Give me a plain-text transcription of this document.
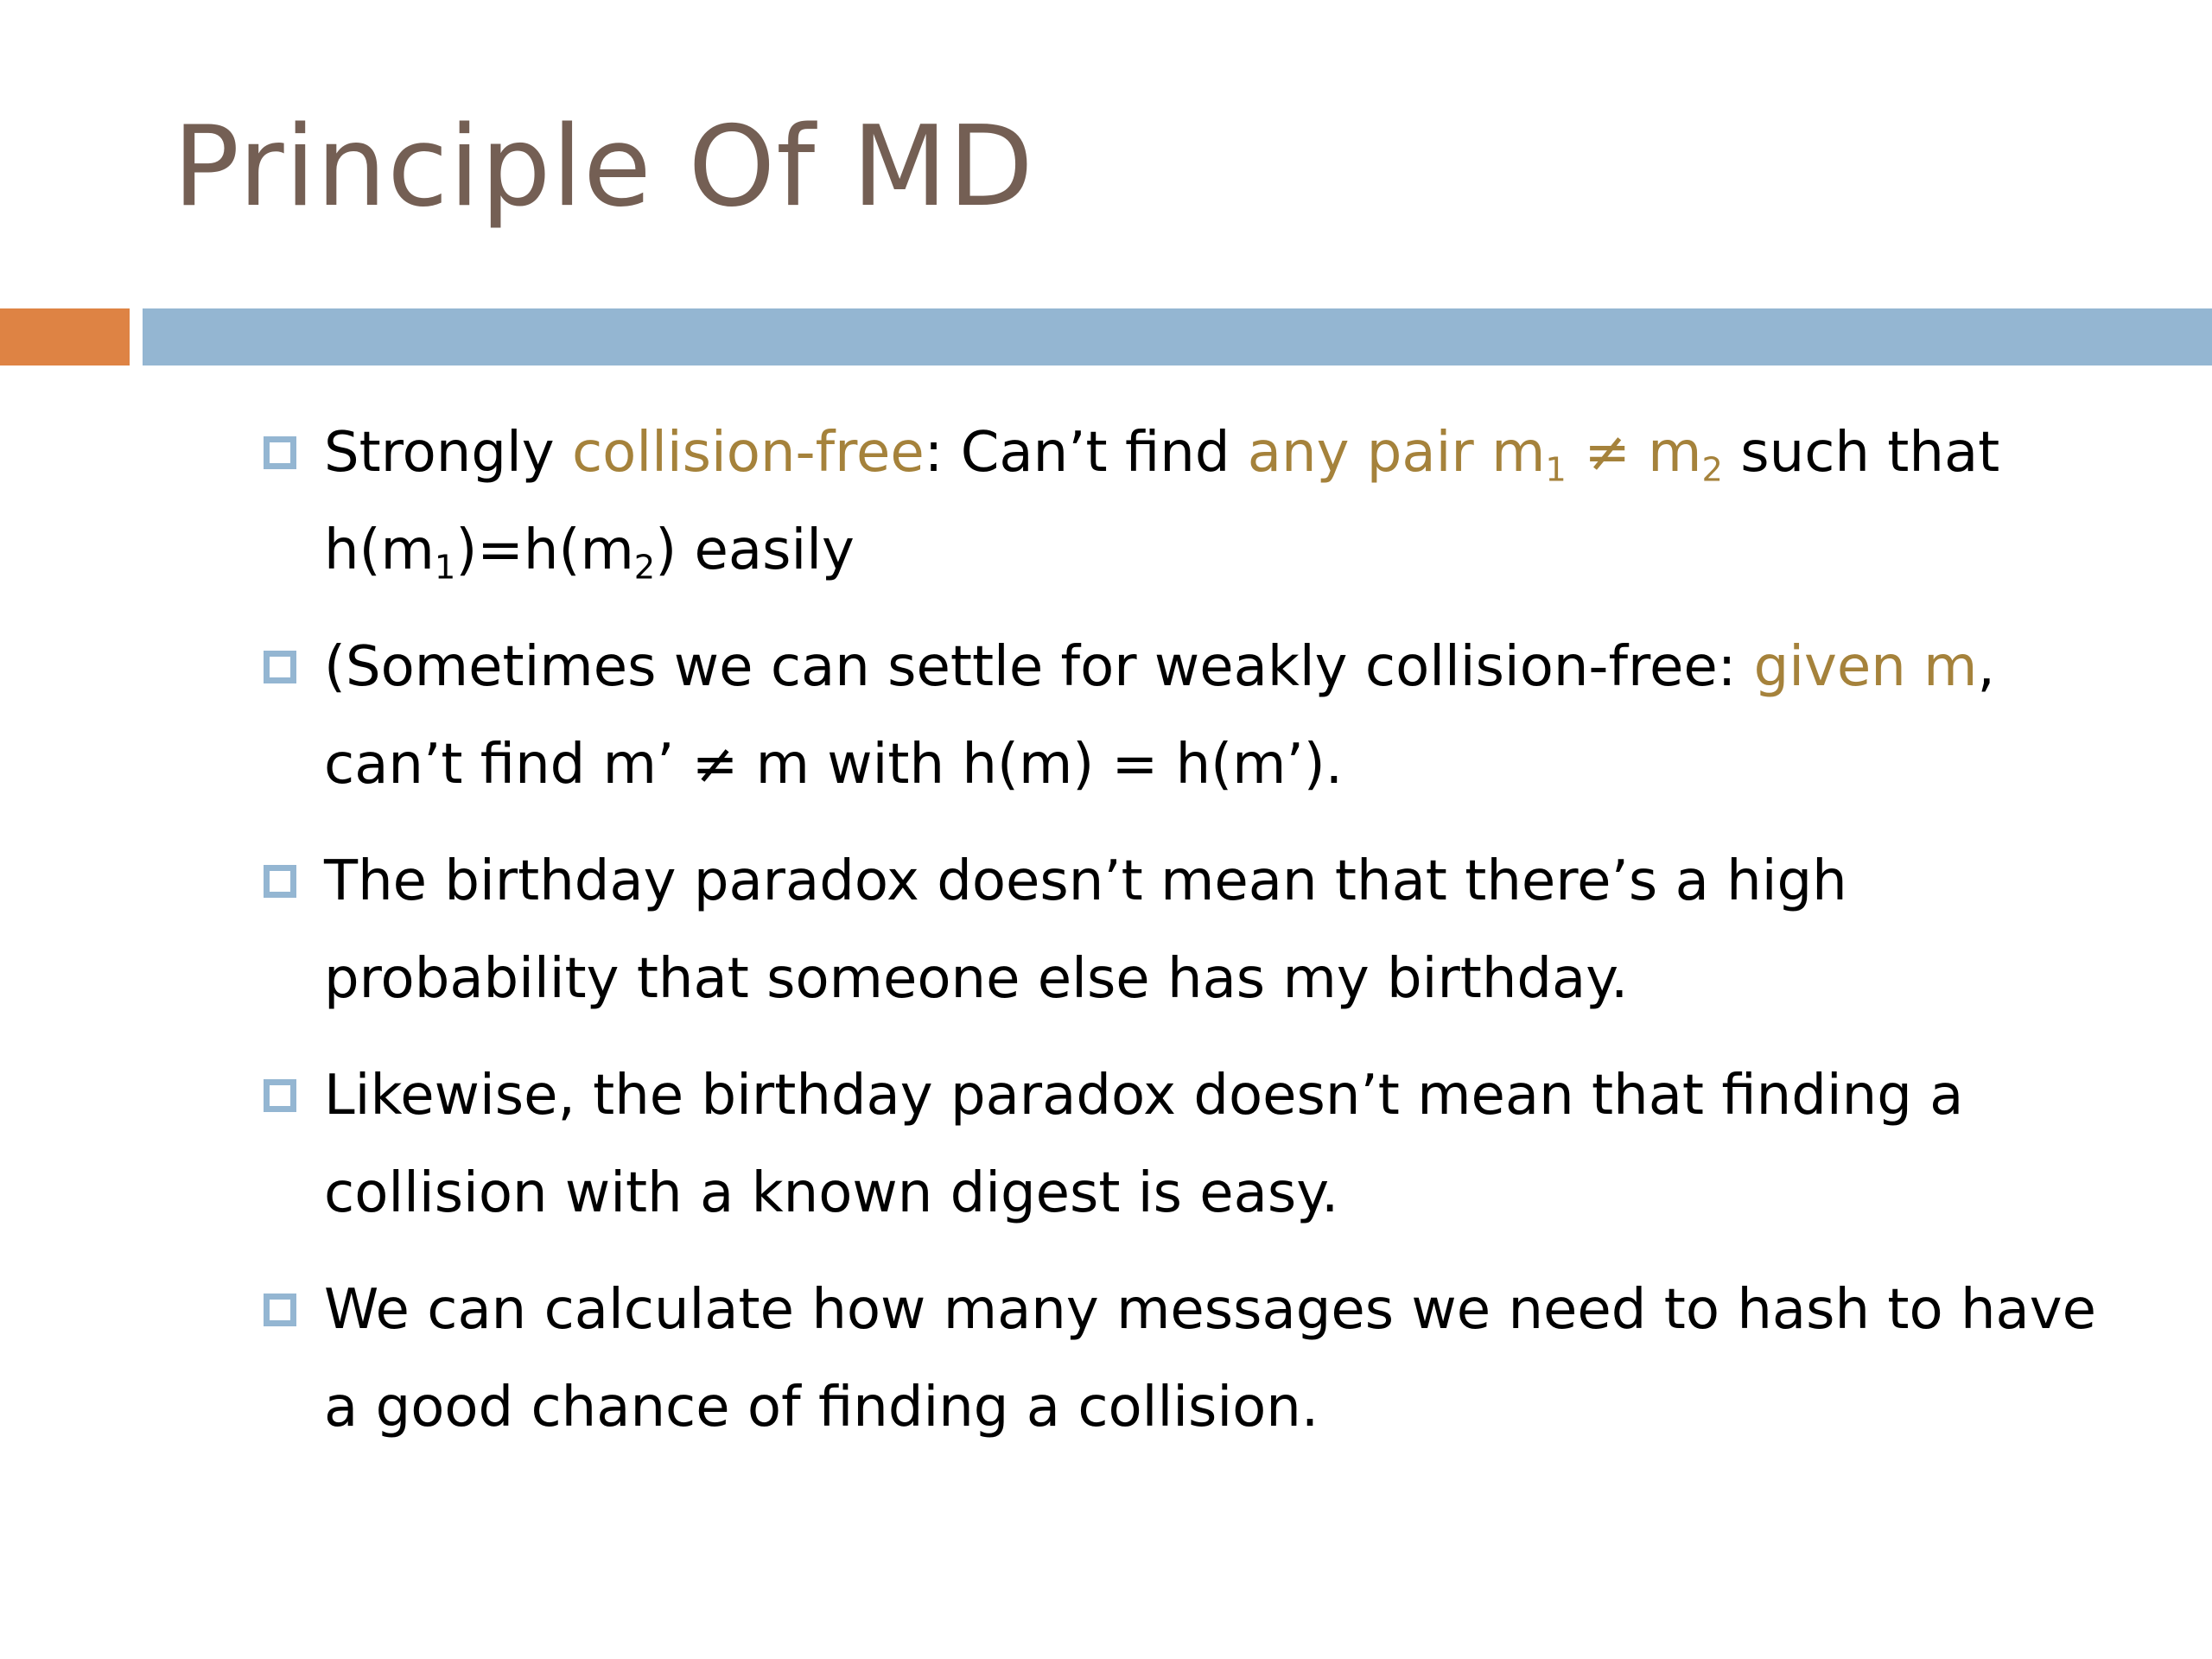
Principle Of MD
Strongly collision-free: Can’t find any pair $m_1 \ne m_2$ such that $h(m_1)=h(m_2)$ easily
(Sometimes we can settle for weakly collision-free: given m, can’t find m’ ≠ m with h(m) = h(m’).
The birthday paradox doesn’t mean that there’s a high probability that someone else has my birthday.
Likewise, the birthday paradox doesn’t mean that finding a collision with a known digest is easy.
We can calculate how many messages we need to hash to have a good chance of finding a collision.
